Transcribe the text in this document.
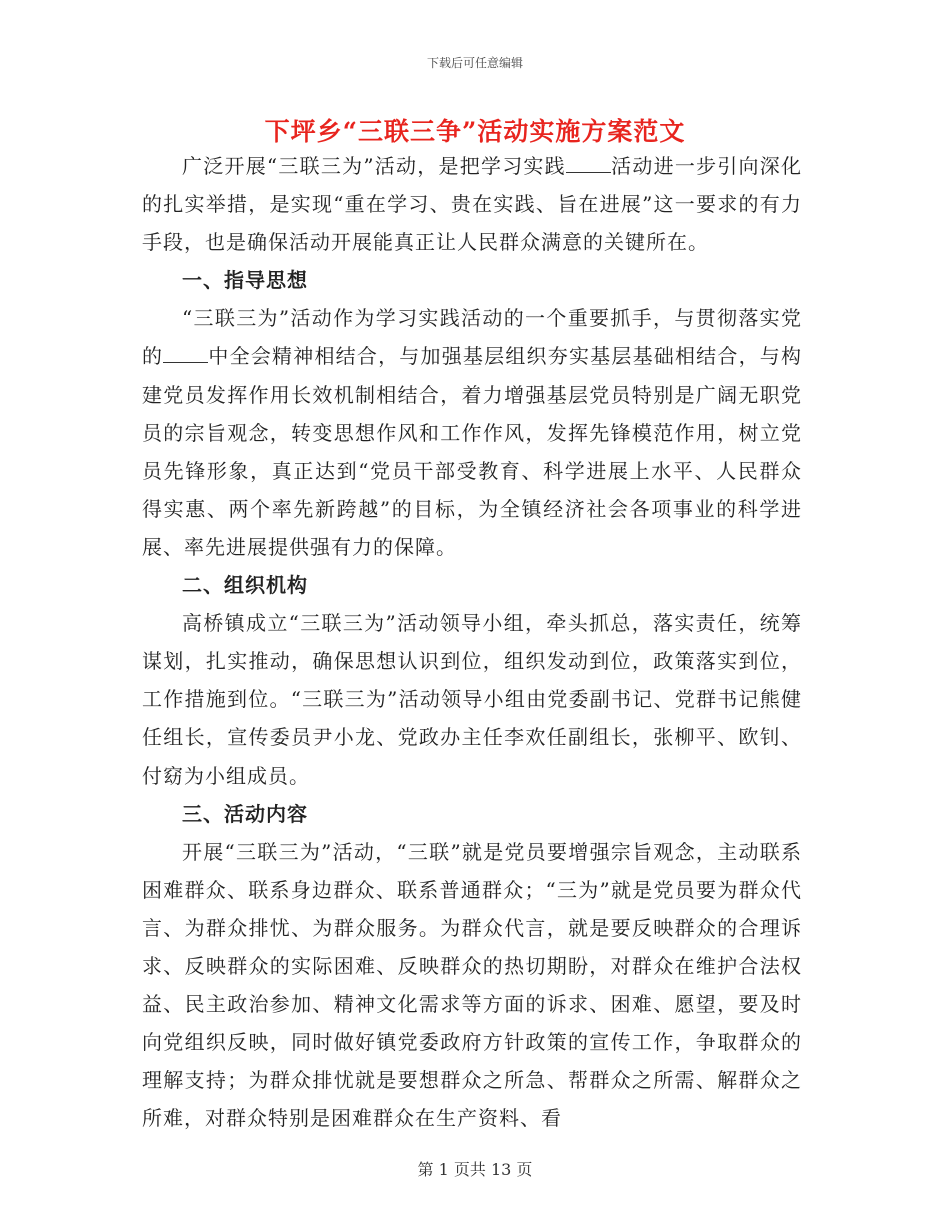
下载后可任意编辑
下坪乡“三联三争”活动实施方案范文

广泛开展“三联三为”活动，是把学习实践 活动进一步引向深化的扎实举措，是实现“重在学习、贵在实践、旨在进展”这一要求的有力手段，也是确保活动开展能真正让人民群众满意的关键所在。

一、指导思想

“三联三为”活动作为学习实践活动的一个重要抓手，与贯彻落实党的 中全会精神相结合，与加强基层组织夯实基层基础相结合，与构建党员发挥作用长效机制相结合，着力增强基层党员特别是广阔无职党员的宗旨观念，转变思想作风和工作作风，发挥先锋模范作用，树立党员先锋形象，真正达到“党员干部受教育、科学进展上水平、人民群众得实惠、两个率先新跨越”的目标，为全镇经济社会各项事业的科学进展、率先进展提供强有力的保障。

二、组织机构

高桥镇成立“三联三为”活动领导小组，牵头抓总，落实责任，统筹谋划，扎实推动，确保思想认识到位，组织发动到位，政策落实到位，工作措施到位。“三联三为”活动领导小组由党委副书记、党群书记熊健任组长，宣传委员尹小龙、党政办主任李欢任副组长，张柳平、欧钊、付窈为小组成员。

三、活动内容

开展“三联三为”活动，“三联”就是党员要增强宗旨观念，主动联系困难群众、联系身边群众、联系普通群众；“三为”就是党员要为群众代言、为群众排忧、为群众服务。为群众代言，就是要反映群众的合理诉求、反映群众的实际困难、反映群众的热切期盼，对群众在维护合法权益、民主政治参加、精神文化需求等方面的诉求、困难、愿望，要及时向党组织反映，同时做好镇党委政府方针政策的宣传工作，争取群众的理解支持；为群众排忧就是要想群众之所急、帮群众之所需、解群众之所难，对群众特别是困难群众在生产资料、看

第 1 页共 13 页
